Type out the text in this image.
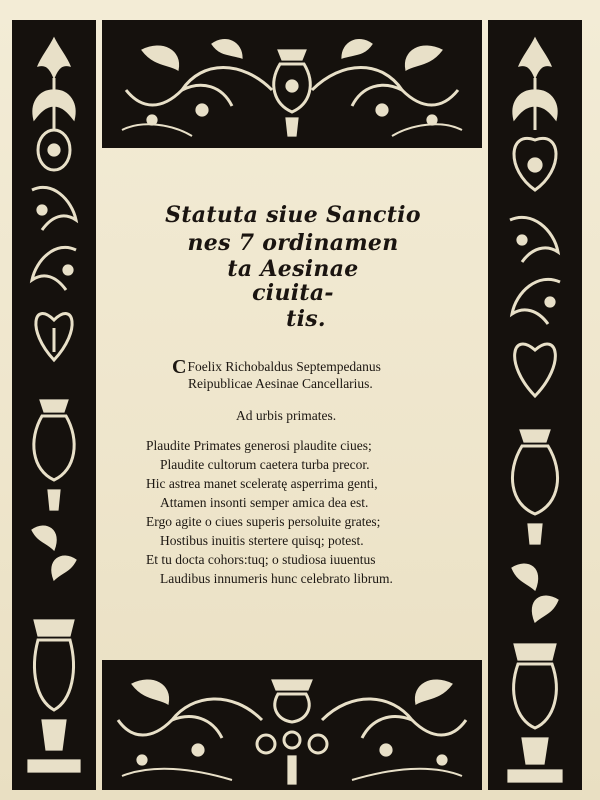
Statuta siue Sanctio
nes 7 ordinamen
ta Aesinae
ciuita-
tis.
CFoelix Richobaldus Septempedanus
Reipublicae Aesinae Cancellarius.
Ad urbis primates.
Plaudite Primates generosi plaudite ciues;
Plaudite cultorum caetera turba precor.
Hic astrea manet sceleratę asperrima genti,
Attamen insonti semper amica dea est.
Ergo agite o ciues superis persoluite grates;
Hostibus inuitis stertere quisq; potest.
Et tu docta cohors:tuq; o studiosa iuuentus
Laudibus innumeris hunc celebrato librum.
